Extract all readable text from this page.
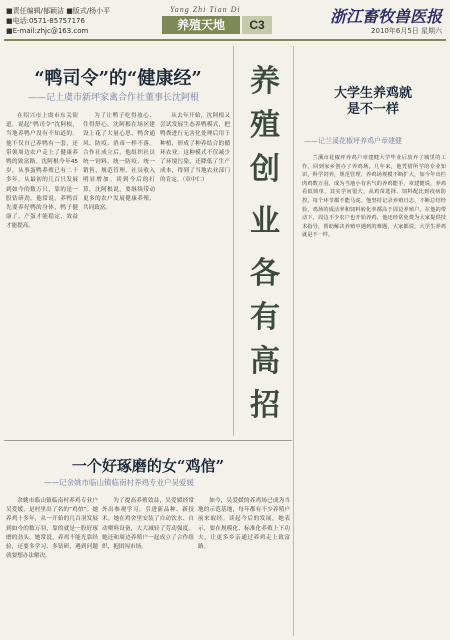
■责任编辑/郁颖洁 ■版式/杨小平
■电话:0571-85757176
■E-mail:zhjc@163.com
Yang Zhi Tian Di
养殖天地	C3	浙江畜牧兽医报
2010年6月5日 星期六
“鸭司令”的“健康经”
——记上虞市新坪家禽合作社董事长沈阿根

在绍兴市上虞市东关街道，说起“鸭司令”沈阿根，当地养鸭户没有不知道的。他不仅自己养鸭有一套，还带领周边农户走上了健康养鸭的致富路。沈阿根今年45岁，从事蛋鸭养殖已有二十多年，从最初的几百只发展到如今的数万只，靠的是一股钻研劲。他常说，养鸭首先要养好鸭的身体，鸭子健康了，产蛋才能稳定，效益才能提高。

为了让鸭子吃得放心、住得舒心，沈阿根在场区建设上花了大量心思，鸭舍通风、防疫、消毒一样不落。合作社成立后，他组织社员统一饲料、统一防疫、统一销售，规范管理，社员收入明显增加。谈到今后的打算，沈阿根说，要继续带动更多的农户发展健康养殖，共同致富。

从去年开始，沈阿根又尝试发展生态养鸭模式，把鸭粪进行无害化处理后用于种植，形成了种养结合的循环农业。这种模式不仅减少了环境污染，还降低了生产成本，得到了当地农业部门的肯定。（章中仁）

养
殖
创
业
各
有
高
招
大学生养鸡就是不一样
——记兰溪花椒坪养鸡户章建健

兰溪市花椒坪养鸡户章建健大学毕业后放弃了城里的工作，回到家乡创办了养鸡场。几年来，他凭借所学的专业知识，科学饲养，规范管理，养鸡场规模不断扩大，如今年出栏肉鸡数万羽，成为当地小有名气的养鸡能手。章建健说，养鸡看似简单，其实学问很大，从鸡苗选择、饲料配比到疫病防控，每个环节都不能马虎。他坚持记录养殖日志，不断总结经验，鸡场的成活率和饲料转化率都高于周边养殖户。在他的带动下，周边不少农户也开始养鸡，他还经常免费为大家提供技术指导，帮助解决养殖中遇到的难题，大家都说，大学生养鸡就是不一样。

一个好琢磨的女“鸡倌”
——记余姚市临山镇临南村养鸡专业户吴爱媛

余姚市临山镇临南村养鸡专业户吴爱媛，是村里出了名的“鸡倌”。她养鸡十多年，从一开始的几百羽发展到如今的数万羽，靠的就是一股好琢磨的劲头。她常说，养鸡不能光靠经验，还要多学习、多钻研，遇到问题就要想办法解决。

为了提高养殖效益，吴爱媛经常外出参观学习，引进新品种、新技术。她在鸡舍里安装了自动饮水、自动喂料设备，大大减轻了劳动强度。她还和周边养殖户一起成立了合作组织，抱团闯市场。

如今，吴爱媛的养鸡场已成为当地的示范基地，每年都有不少养殖户前来取经。谈起今后的发展，她表示，要在规模化、标准化养殖上下功夫，让更多乡亲通过养鸡走上致富路。
